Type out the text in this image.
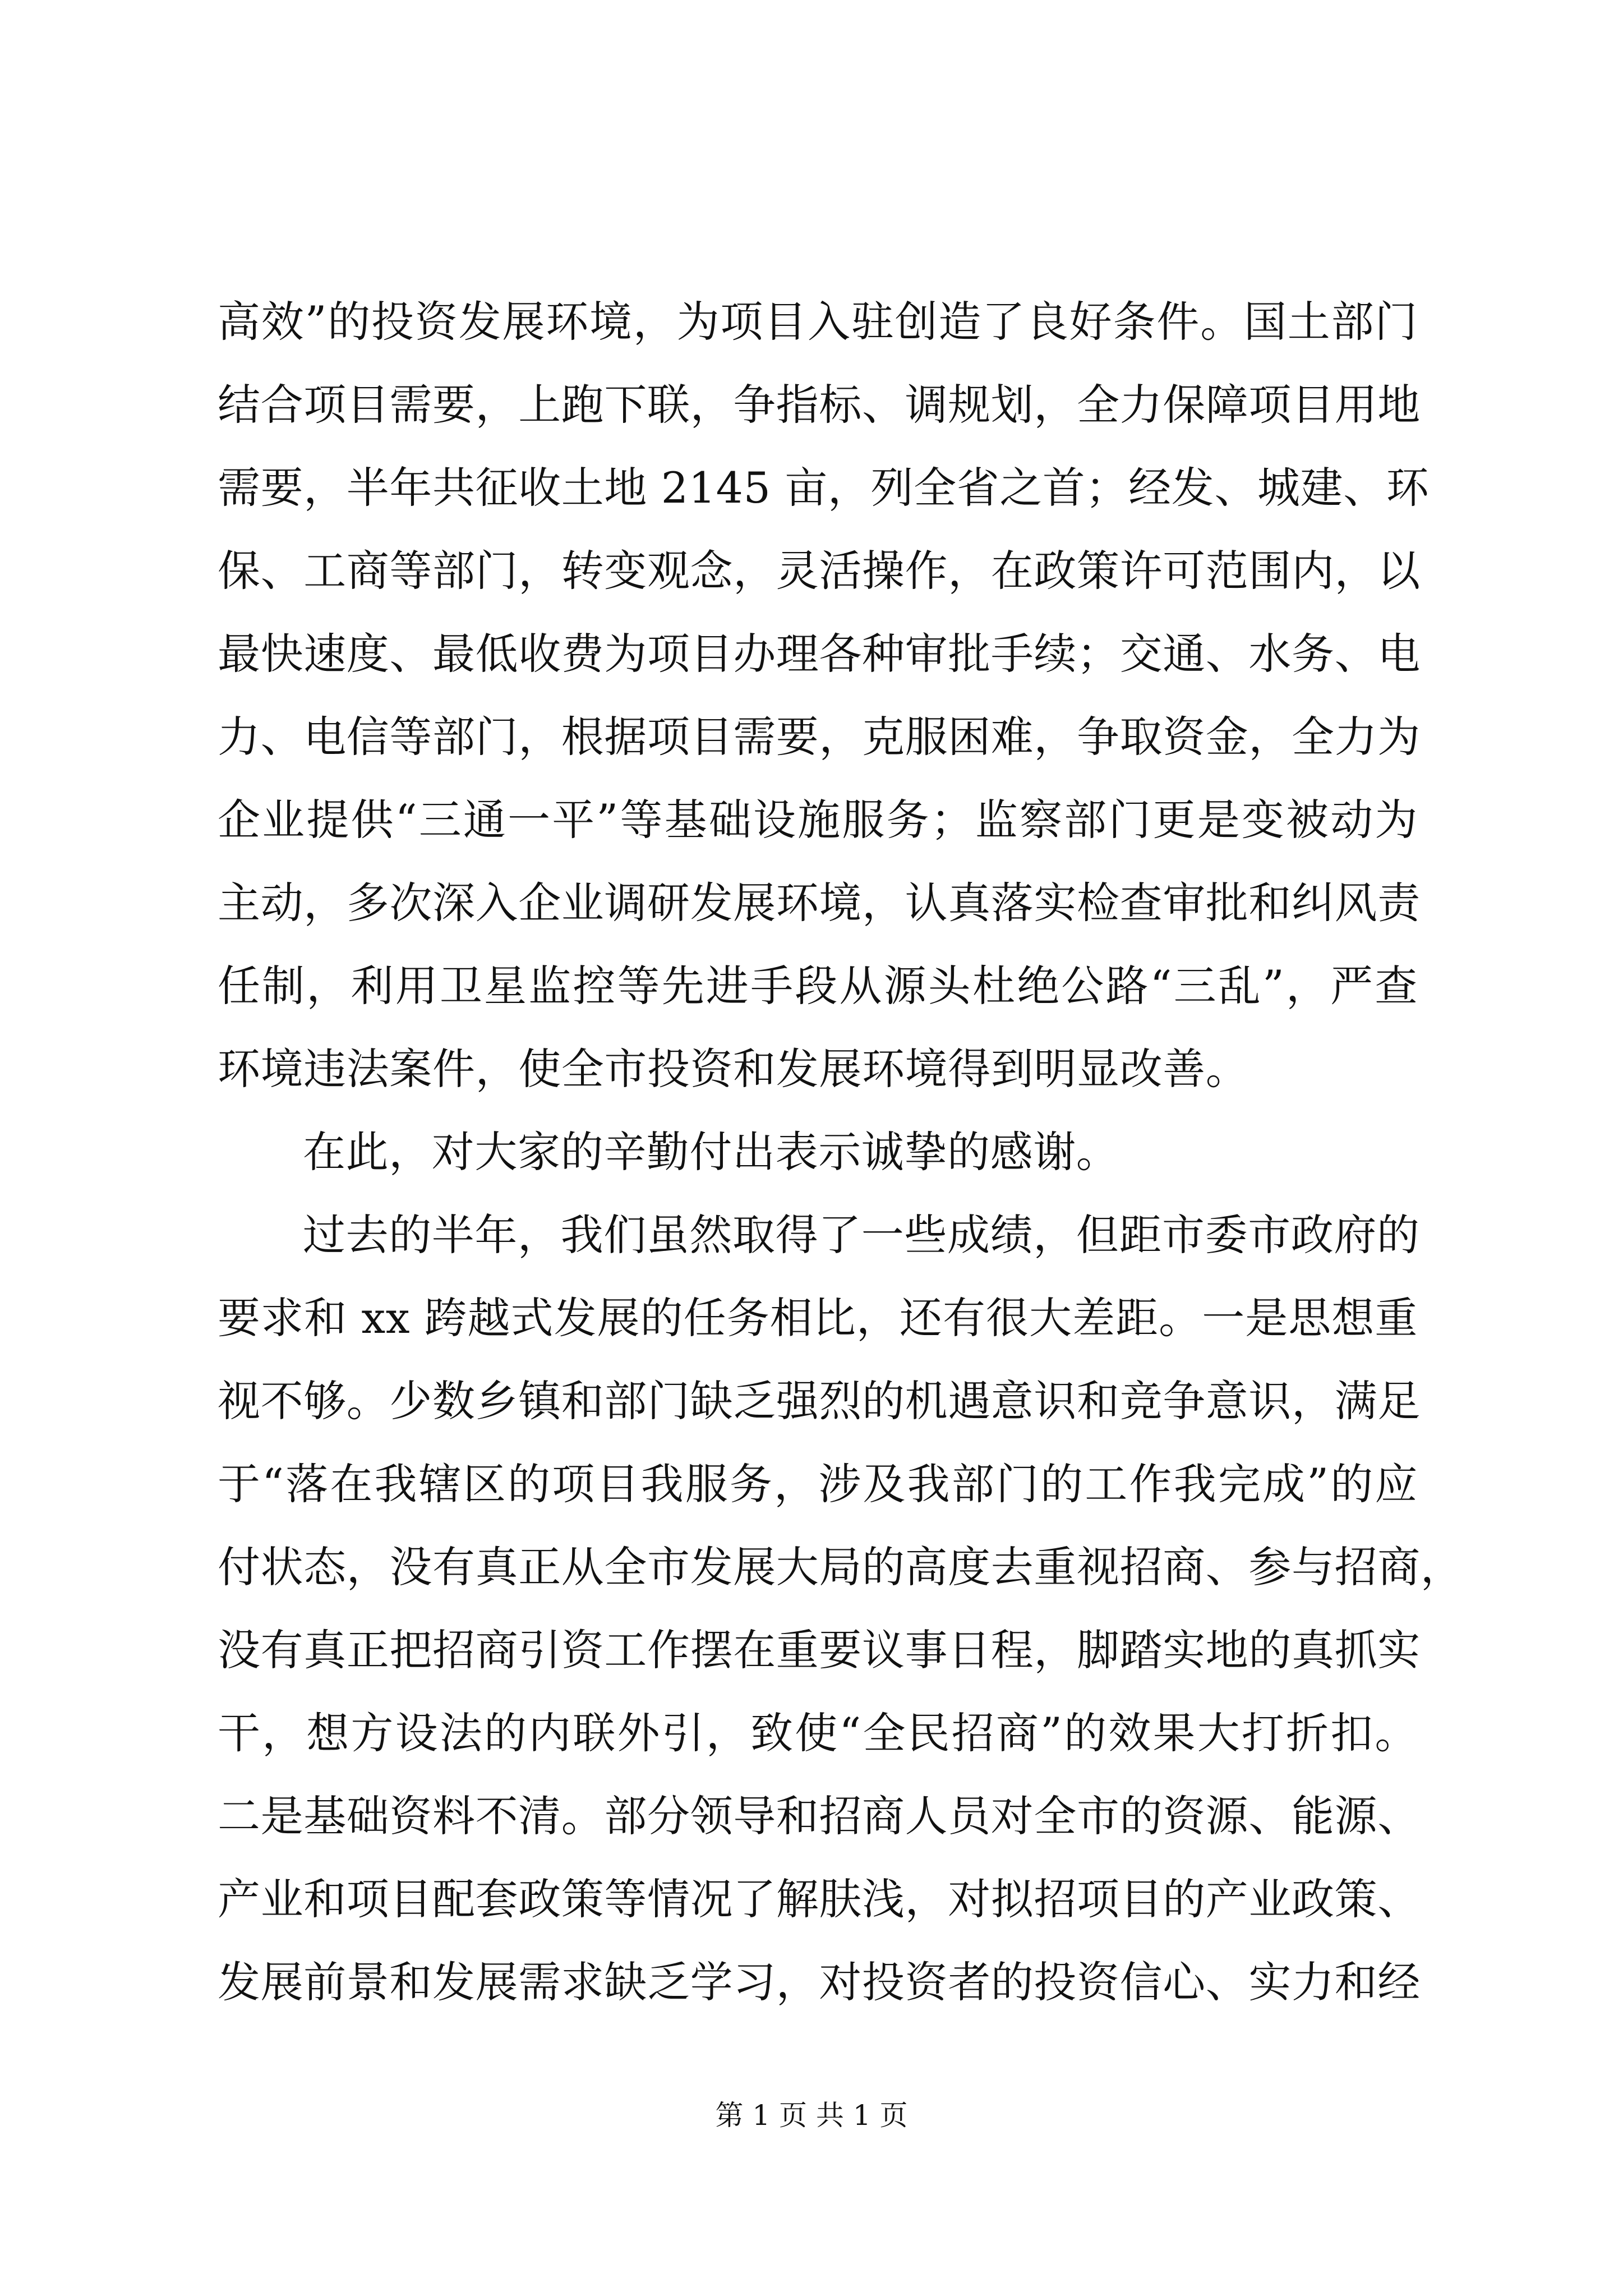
高效”的投资发展环境，为项目入驻创造了良好条件。国土部门
结合项目需要，上跑下联，争指标、调规划，全力保障项目用地
需要，半年共征收土地 2145 亩，列全省之首；经发、城建、环
保、工商等部门，转变观念，灵活操作，在政策许可范围内，以
最快速度、最低收费为项目办理各种审批手续；交通、水务、电
力、电信等部门，根据项目需要，克服困难，争取资金，全力为
企业提供“三通一平”等基础设施服务；监察部门更是变被动为
主动，多次深入企业调研发展环境，认真落实检查审批和纠风责
任制，利用卫星监控等先进手段从源头杜绝公路“三乱”，严查
环境违法案件，使全市投资和发展环境得到明显改善。
在此，对大家的辛勤付出表示诚挚的感谢。
过去的半年，我们虽然取得了一些成绩，但距市委市政府的
要求和 xx 跨越式发展的任务相比，还有很大差距。一是思想重
视不够。少数乡镇和部门缺乏强烈的机遇意识和竞争意识，满足
于“落在我辖区的项目我服务，涉及我部门的工作我完成”的应
付状态，没有真正从全市发展大局的高度去重视招商、参与招商，
没有真正把招商引资工作摆在重要议事日程，脚踏实地的真抓实
干，想方设法的内联外引，致使“全民招商”的效果大打折扣。
二是基础资料不清。部分领导和招商人员对全市的资源、能源、
产业和项目配套政策等情况了解肤浅，对拟招项目的产业政策、
发展前景和发展需求缺乏学习，对投资者的投资信心、实力和经
第 1 页 共 1 页
